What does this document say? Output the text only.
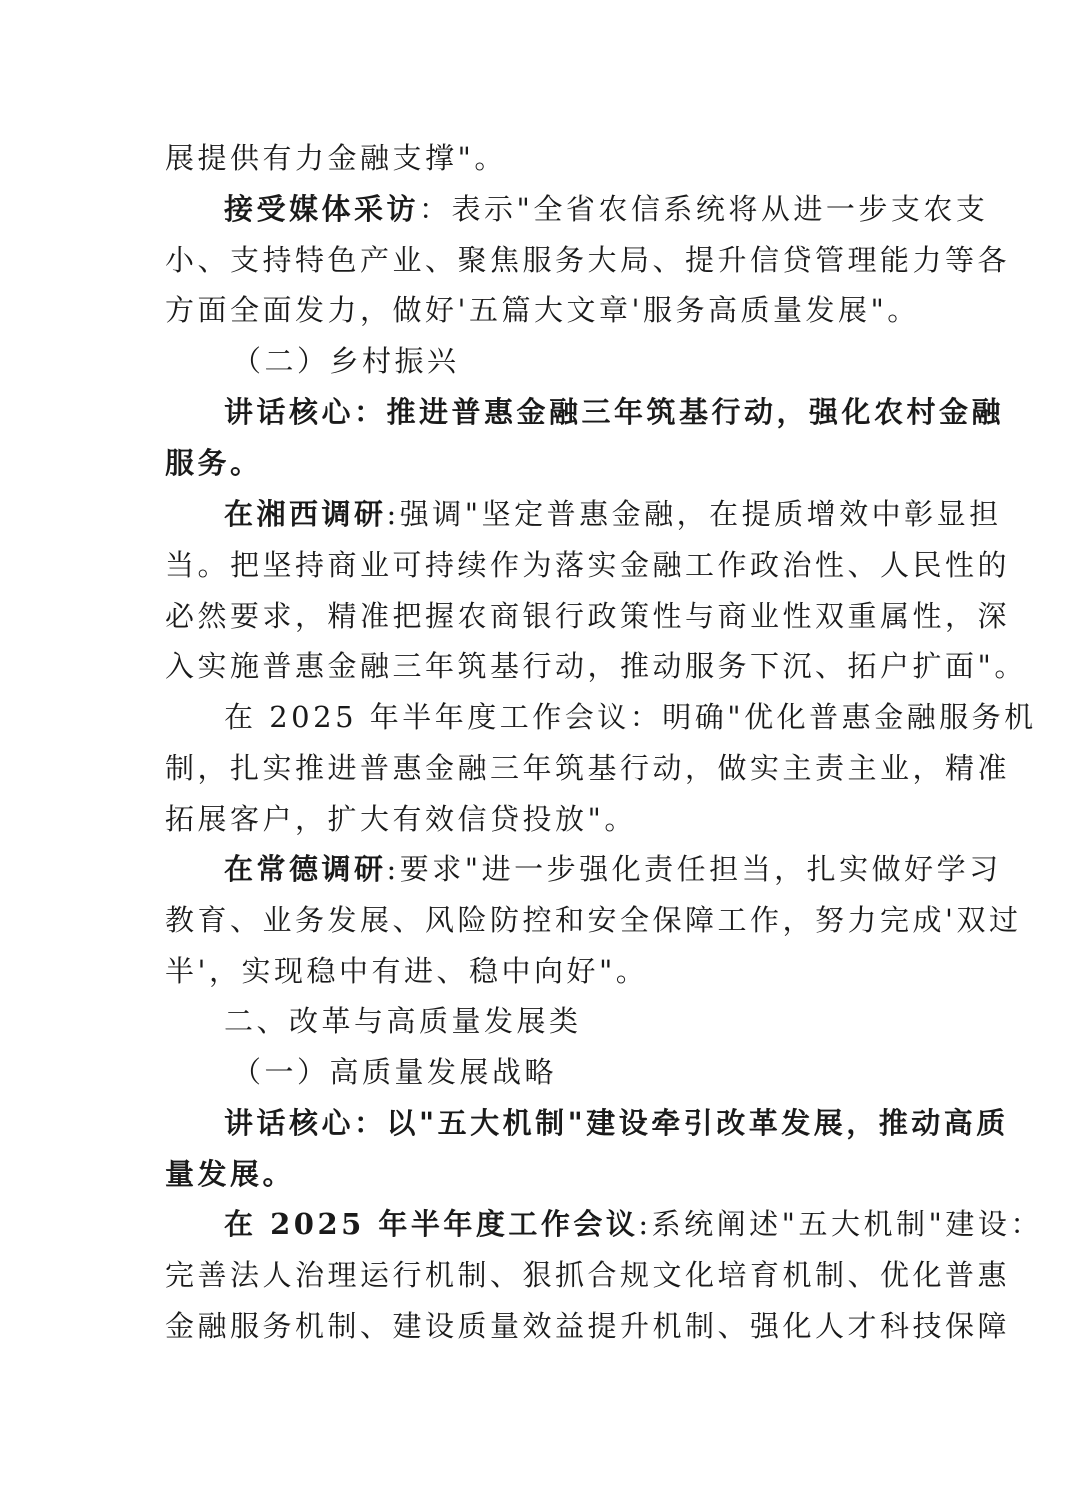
展提供有力金融支撑"。
接受媒体采访：表示"全省农信系统将从进一步支农支
小、支持特色产业、聚焦服务大局、提升信贷管理能力等各
方面全面发力，做好'五篇大文章'服务高质量发展"。
（二）乡村振兴
讲话核心：推进普惠金融三年筑基行动，强化农村金融
服务。
在湘西调研:强调"坚定普惠金融，在提质增效中彰显担
当。把坚持商业可持续作为落实金融工作政治性、人民性的
必然要求，精准把握农商银行政策性与商业性双重属性，深
入实施普惠金融三年筑基行动，推动服务下沉、拓户扩面"。
在 2025 年半年度工作会议：明确"优化普惠金融服务机
制，扎实推进普惠金融三年筑基行动，做实主责主业，精准
拓展客户，扩大有效信贷投放"。
在常德调研:要求"进一步强化责任担当，扎实做好学习
教育、业务发展、风险防控和安全保障工作，努力完成'双过
半'，实现稳中有进、稳中向好"。
二、改革与高质量发展类
（一）高质量发展战略
讲话核心：以"五大机制"建设牵引改革发展，推动高质
量发展。
在 2025 年半年度工作会议:系统阐述"五大机制"建设：
完善法人治理运行机制、狠抓合规文化培育机制、优化普惠
金融服务机制、建设质量效益提升机制、强化人才科技保障
